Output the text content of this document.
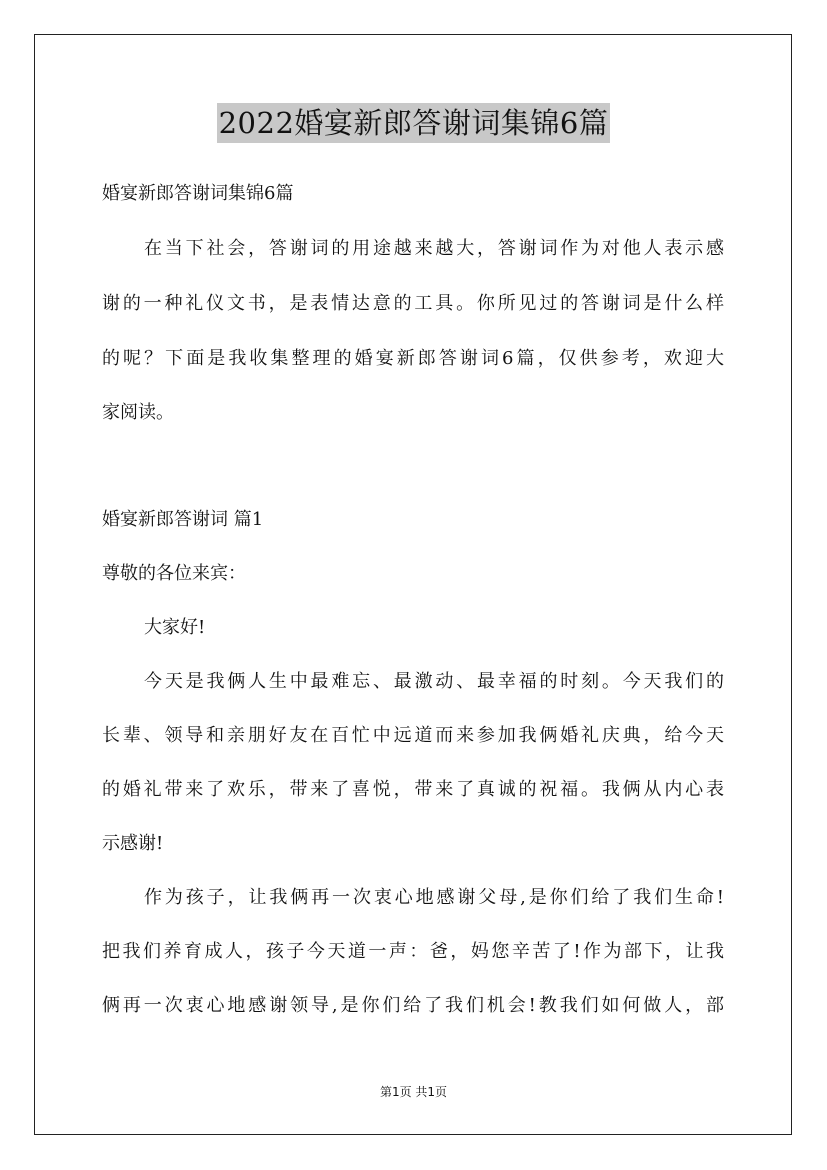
2022婚宴新郎答谢词集锦6篇
婚宴新郎答谢词集锦6篇
在当下社会，答谢词的用途越来越大，答谢词作为对他人表示感
谢的一种礼仪文书，是表情达意的工具。你所见过的答谢词是什么样
的呢？下面是我收集整理的婚宴新郎答谢词6篇，仅供参考，欢迎大
家阅读。
婚宴新郎答谢词 篇1
尊敬的各位来宾：
大家好!
今天是我俩人生中最难忘、最激动、最幸福的时刻。今天我们的
长辈、领导和亲朋好友在百忙中远道而来参加我俩婚礼庆典，给今天
的婚礼带来了欢乐，带来了喜悦，带来了真诚的祝福。我俩从内心表
示感谢!
作为孩子，让我俩再一次衷心地感谢父母,是你们给了我们生命!
把我们养育成人，孩子今天道一声：爸，妈您辛苦了!作为部下，让我
俩再一次衷心地感谢领导,是你们给了我们机会!教我们如何做人，部
第1页 共1页
